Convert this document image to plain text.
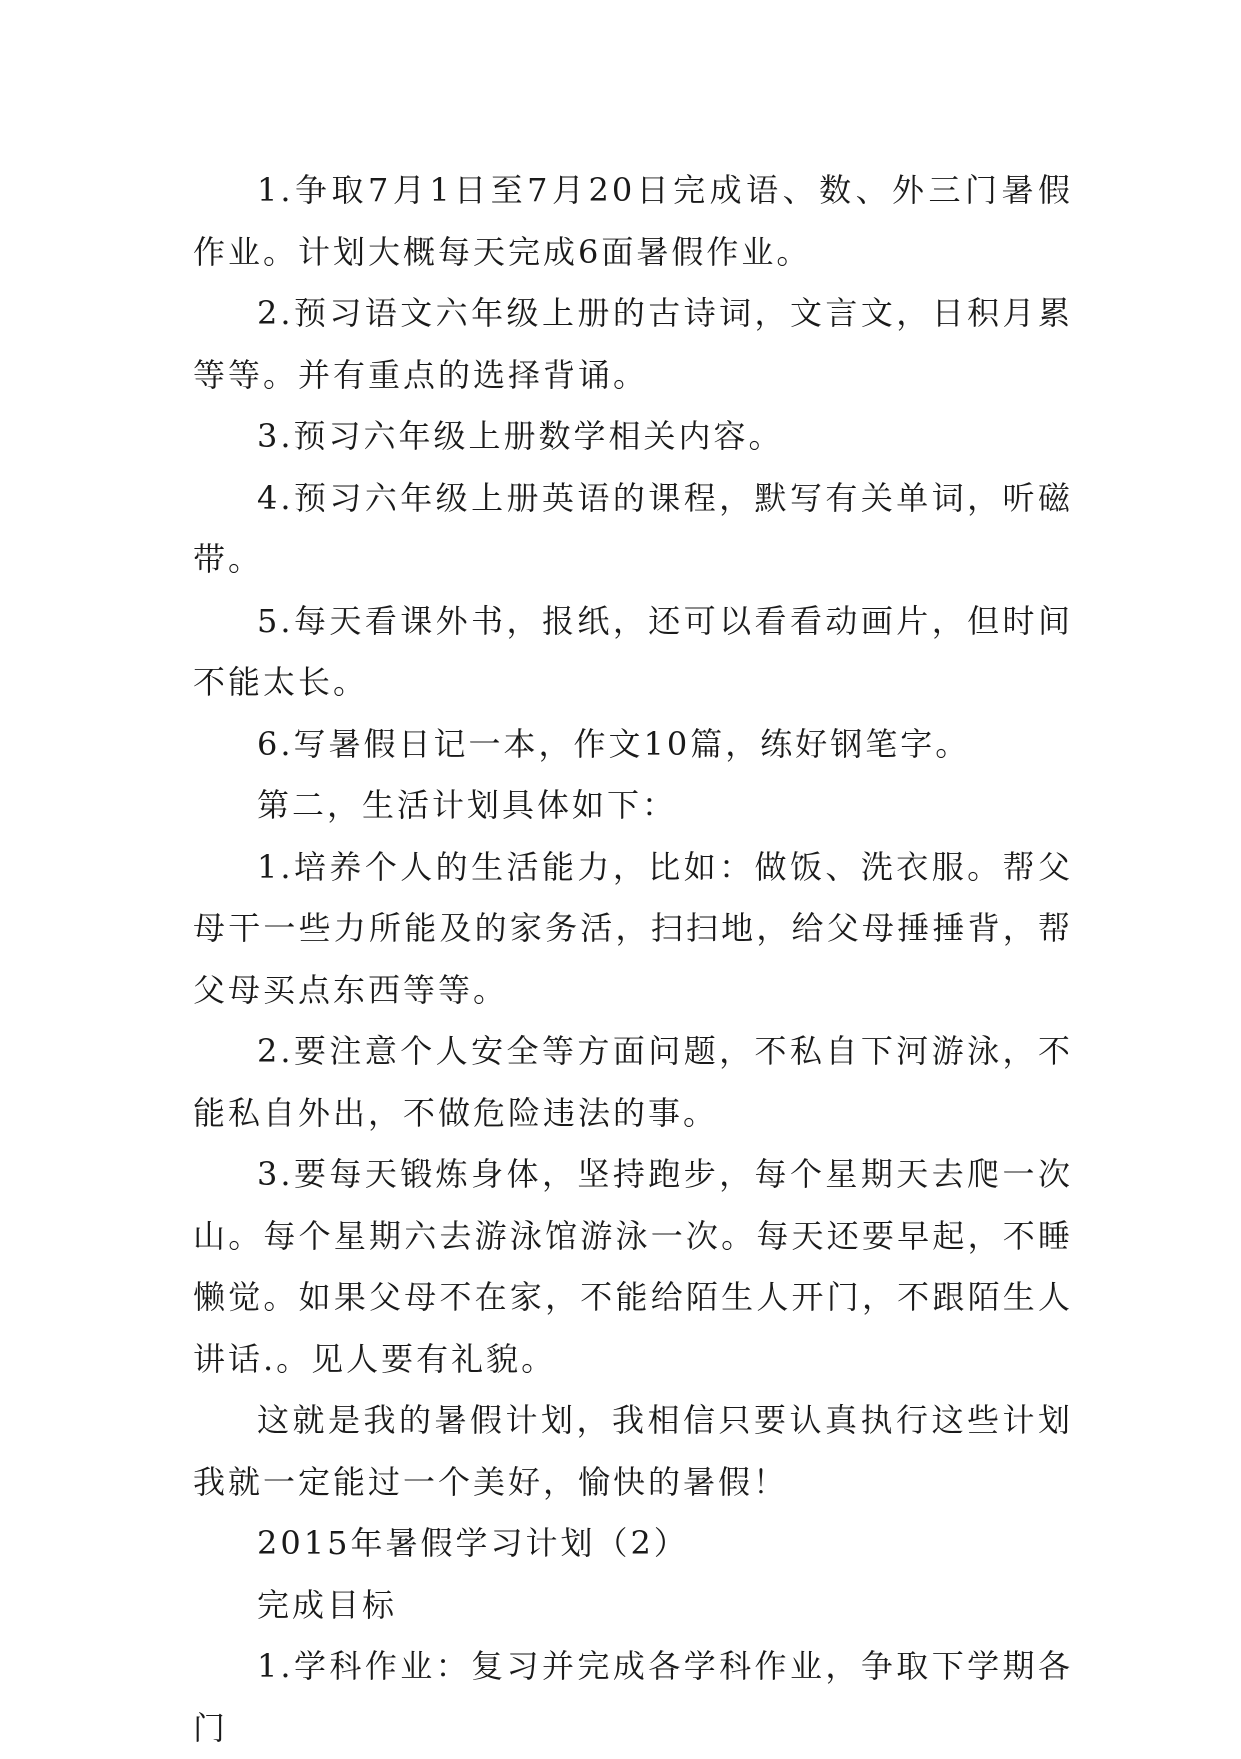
1.争取7月1日至7月20日完成语、数、外三门暑假作业。计划大概每天完成6面暑假作业。

2.预习语文六年级上册的古诗词，文言文，日积月累等等。并有重点的选择背诵。

3.预习六年级上册数学相关内容。

4.预习六年级上册英语的课程，默写有关单词，听磁带。

5.每天看课外书，报纸，还可以看看动画片，但时间不能太长。

6.写暑假日记一本，作文10篇，练好钢笔字。

第二，生活计划具体如下：

1.培养个人的生活能力，比如：做饭、洗衣服。帮父母干一些力所能及的家务活，扫扫地，给父母捶捶背，帮父母买点东西等等。

2.要注意个人安全等方面问题，不私自下河游泳，不能私自外出，不做危险违法的事。

3.要每天锻炼身体，坚持跑步，每个星期天去爬一次山。每个星期六去游泳馆游泳一次。每天还要早起，不睡懒觉。如果父母不在家，不能给陌生人开门，不跟陌生人讲话.。见人要有礼貌。

这就是我的暑假计划，我相信只要认真执行这些计划我就一定能过一个美好，愉快的暑假！

2015年暑假学习计划（2）

完成目标

1.学科作业：复习并完成各学科作业，争取下学期各门
